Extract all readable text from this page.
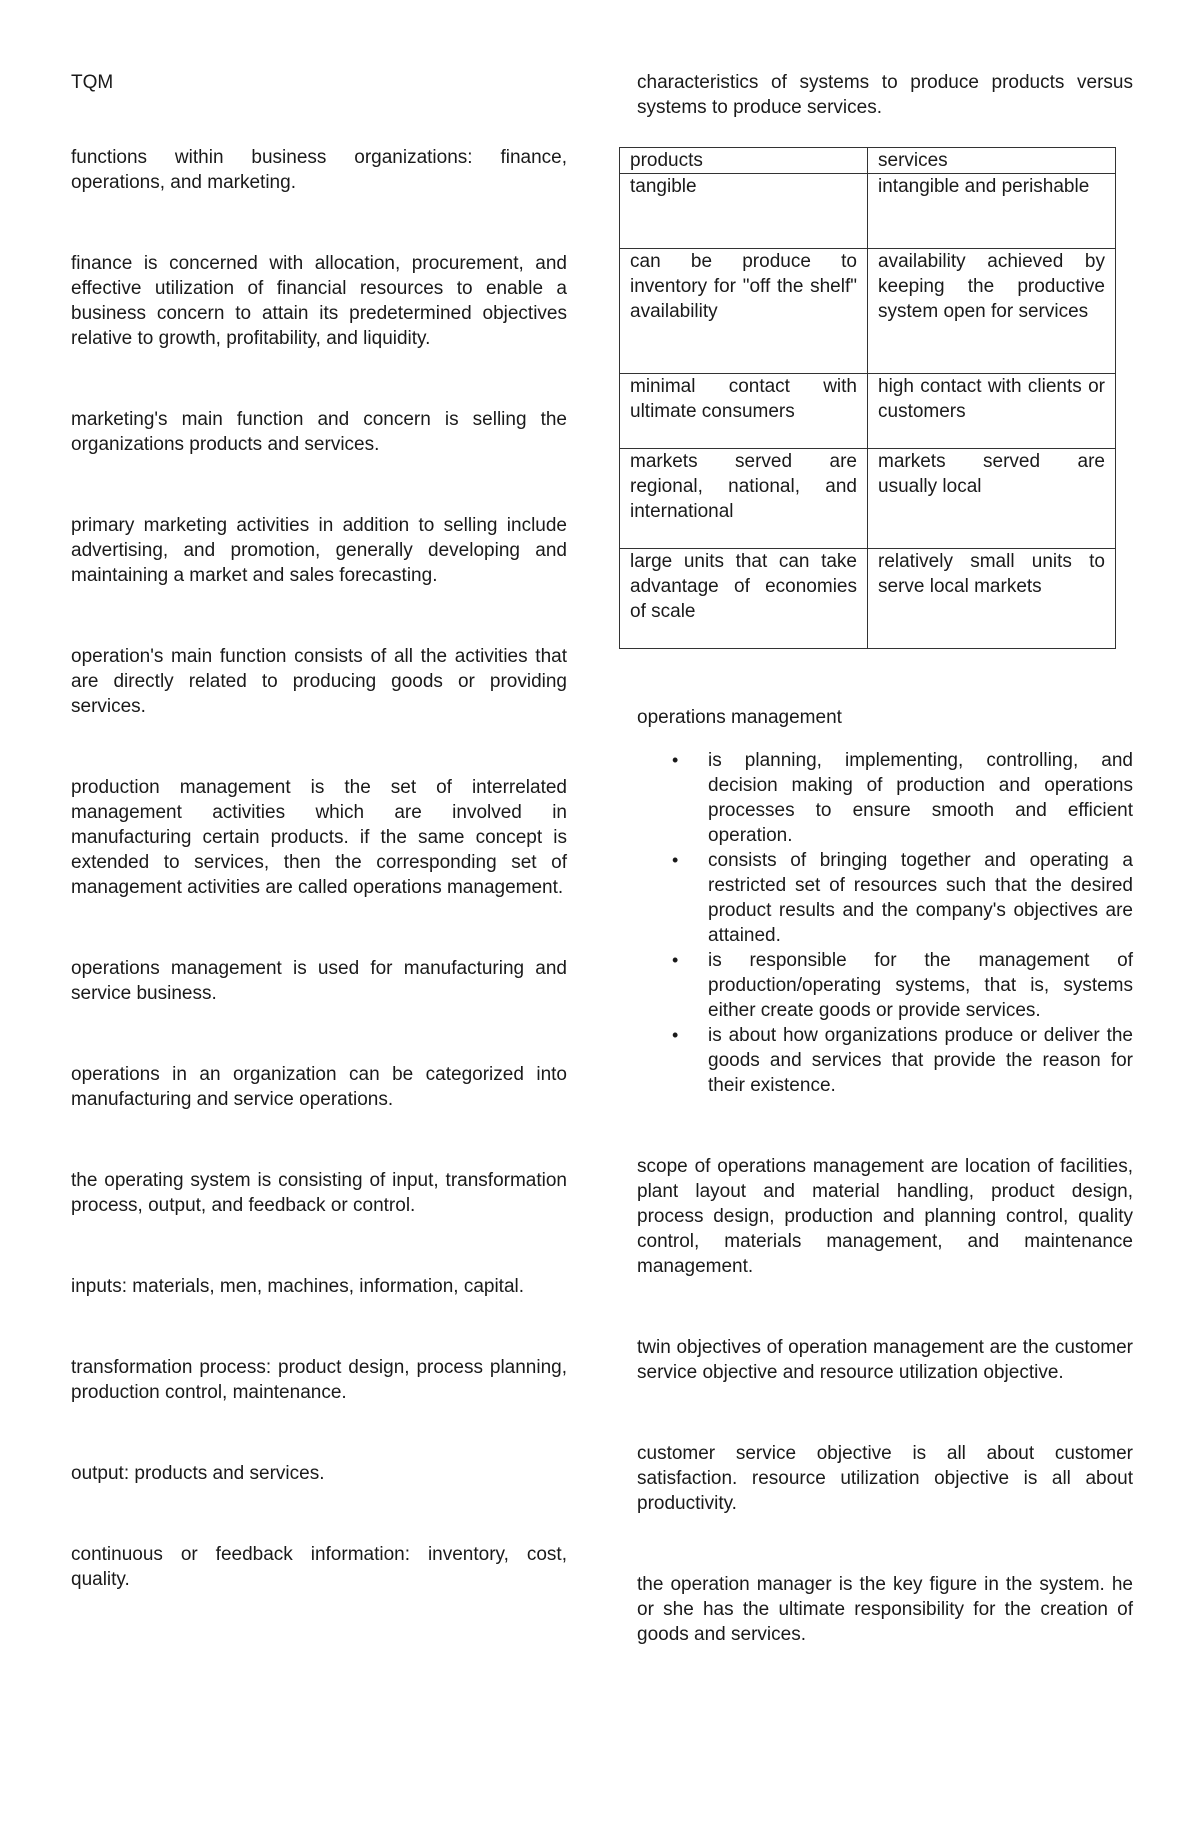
TQM

functions within business organizations: finance, operations, and marketing.

finance is concerned with allocation, procurement, and effective utilization of financial resources to enable a business concern to attain its predetermined objectives relative to growth, profitability, and liquidity.

marketing's main function and concern is selling the organizations products and services.

primary marketing activities in addition to selling include advertising, and promotion, generally developing and maintaining a market and sales forecasting.

operation's main function consists of all the activities that are directly related to producing goods or providing services.

production management is the set of interrelated management activities which are involved in manufacturing certain products. if the same concept is extended to services, then the corresponding set of management activities are called operations management.

operations management is used for manufacturing and service business.

operations in an organization can be categorized into manufacturing and service operations.

the operating system is consisting of input, transformation process, output, and feedback or control.

inputs: materials, men, machines, information, capital.

transformation process: product design, process planning, production control, maintenance.

output: products and services.

continuous or feedback information: inventory, cost, quality.

characteristics of systems to produce products versus systems to produce services.

products	services
tangible	intangible and perishable
can be produce to inventory for "off the shelf" availability	availability achieved by keeping the productive system open for services
minimal contact with ultimate consumers	high contact with clients or customers
markets served are regional, national, and international	markets served are usually local
large units that can take advantage of economies of scale	relatively small units to serve local markets

operations management

• is planning, implementing, controlling, and decision making of production and operations processes to ensure smooth and efficient operation.
• consists of bringing together and operating a restricted set of resources such that the desired product results and the company's objectives are attained.
• is responsible for the management of production/operating systems, that is, systems either create goods or provide services.
• is about how organizations produce or deliver the goods and services that provide the reason for their existence.

scope of operations management are location of facilities, plant layout and material handling, product design, process design, production and planning control, quality control, materials management, and maintenance management.

twin objectives of operation management are the customer service objective and resource utilization objective.

customer service objective is all about customer satisfaction. resource utilization objective is all about productivity.

the operation manager is the key figure in the system. he or she has the ultimate responsibility for the creation of goods and services.
